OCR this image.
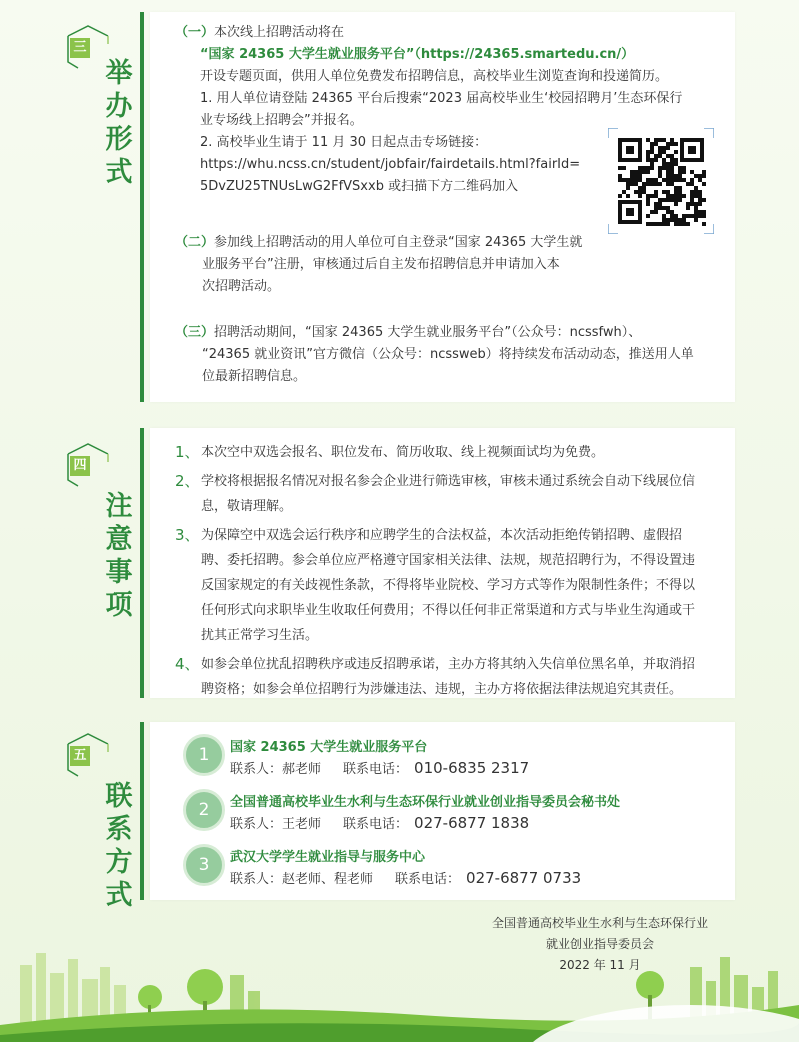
三
举
办
形
式
（一）本次线上招聘活动将在
“国家 24365 大学生就业服务平台”（https://24365.smartedu.cn/）
开设专题页面，供用人单位免费发布招聘信息，高校毕业生浏览查询和投递简历。
1. 用人单位请登陆 24365 平台后搜索“2023 届高校毕业生‘校园招聘月’生态环保行
业专场线上招聘会”并报名。
2. 高校毕业生请于 11 月 30 日起点击专场链接：
https://whu.ncss.cn/student/jobfair/fairdetails.html?fairId=
5DvZU25TNUsLwG2FfVSxxb 或扫描下方二维码加入
（二）参加线上招聘活动的用人单位可自主登录“国家 24365 大学生就
业服务平台”注册，审核通过后自主发布招聘信息并申请加入本
次招聘活动。
（三）招聘活动期间，“国家 24365 大学生就业服务平台”（公众号：ncssfwh）、
“24365 就业资讯”官方微信（公众号：ncssweb）将持续发布活动动态，推送用人单
位最新招聘信息。
四
注
意
事
项
1、 本次空中双选会报名、职位发布、简历收取、线上视频面试均为免费。
2、 学校将根据报名情况对报名参会企业进行筛选审核，审核未通过系统会自动下线展位信
息，敬请理解。
3、 为保障空中双选会运行秩序和应聘学生的合法权益，本次活动拒绝传销招聘、虚假招
聘、委托招聘。参会单位应严格遵守国家相关法律、法规，规范招聘行为，不得设置违
反国家规定的有关歧视性条款，不得将毕业院校、学习方式等作为限制性条件；不得以
任何形式向求职毕业生收取任何费用；不得以任何非正常渠道和方式与毕业生沟通或干
扰其正常学习生活。
4、 如参会单位扰乱招聘秩序或违反招聘承诺，主办方将其纳入失信单位黑名单，并取消招
聘资格；如参会单位招聘行为涉嫌违法、违规，主办方将依据法律法规追究其责任。
五
联
系
方
式
1	国家 24365 大学生就业服务平台
联系人：郝老师 联系电话： 010-6835 2317
2	全国普通高校毕业生水利与生态环保行业就业创业指导委员会秘书处
联系人：王老师 联系电话： 027-6877 1838
3	武汉大学学生就业指导与服务中心
联系人：赵老师、程老师 联系电话： 027-6877 0733
全国普通高校毕业生水利与生态环保行业
就业创业指导委员会
2022 年 11 月
